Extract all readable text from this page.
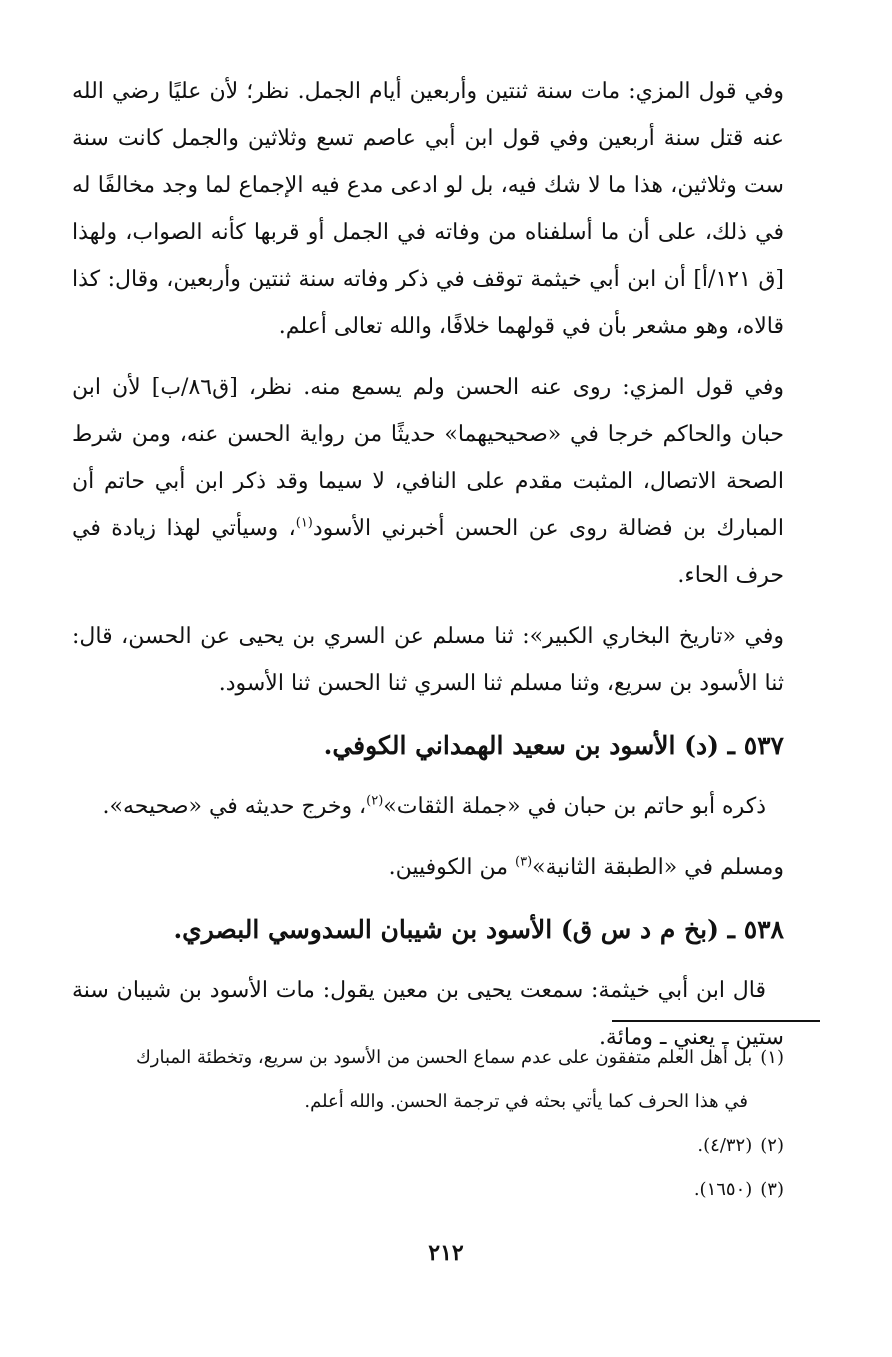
وفي قول المزي: مات سنة ثنتين وأربعين أيام الجمل. نظر؛ لأن عليًا رضي الله عنه قتل سنة أربعين وفي قول ابن أبي عاصم تسع وثلاثين والجمل كانت سنة ست وثلاثين، هذا ما لا شك فيه، بل لو ادعى مدع فيه الإجماع لما وجد مخالفًا له في ذلك، على أن ما أسلفناه من وفاته في الجمل أو قربها كأنه الصواب، ولهذا [ق ١٢١/أ] أن ابن أبي خيثمة توقف في ذكر وفاته سنة ثنتين وأربعين، وقال: كذا قالاه، وهو مشعر بأن في قولهما خلافًا، والله تعالى أعلم.

وفي قول المزي: روى عنه الحسن ولم يسمع منه. نظر، [ق٨٦/ب] لأن ابن حبان والحاكم خرجا في «صحيحيهما» حديثًا من رواية الحسن عنه، ومن شرط الصحة الاتصال، المثبت مقدم على النافي، لا سيما وقد ذكر ابن أبي حاتم أن المبارك بن فضالة روى عن الحسن أخبرني الأسود$^{(١)}$، وسيأتي لهذا زيادة في حرف الحاء.

وفي «تاريخ البخاري الكبير»: ثنا مسلم عن السري بن يحيى عن الحسن، قال: ثنا الأسود بن سريع، وثنا مسلم ثنا السري ثنا الحسن ثنا الأسود.

٥٣٧ ـ (د) الأسود بن سعيد الهمداني الكوفي.

ذكره أبو حاتم بن حبان في «جملة الثقات»$^{(٢)}$، وخرج حديثه في «صحيحه».

ومسلم في «الطبقة الثانية»$^{(٣)}$ من الكوفيين.

٥٣٨ ـ (بخ م د س ق) الأسود بن شيبان السدوسي البصري.

قال ابن أبي خيثمة: سمعت يحيى بن معين يقول: مات الأسود بن شيبان سنة ستين ـ يعني ـ ومائة.

(١)بل أهل العلم متفقون على عدم سماع الحسن من الأسود بن سريع، وتخطئة المبارك

في هذا الحرف كما يأتي بحثه في ترجمة الحسن. والله أعلم.

(٢)(٤/٣٢).

(٣)(١٦٥٠).

٢١٢
